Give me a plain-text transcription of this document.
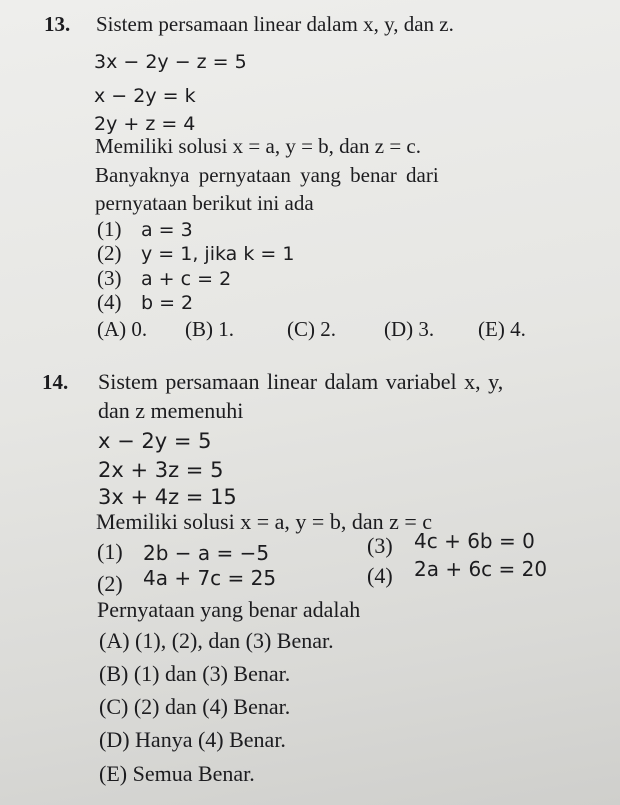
13. Sistem persamaan linear dalam x, y, dan z.
3x − 2y − z = 5
x − 2y = k
2y + z = 4
Memiliki solusi x = a, y = b, dan z = c.
Banyaknya pernyataan yang benar dari
pernyataan berikut ini ada
(1) a = 3
(2) y = 1, jika k = 1
(3) a + c = 2
(4) b = 2
(A) 0. (B) 1.	(C) 2. (D) 3. (E) 4.
14. Sistem persamaan linear dalam variabel x, y,
dan z memenuhi
x − 2y = 5
2x + 3z = 5
3x + 4z = 15
Memiliki solusi x = a, y = b, dan z = c
(1) 2b − a = −5	(3) 4c + 6b = 0
(2) 4a + 7c = 25	(4) 2a + 6c = 20
Pernyataan yang benar adalah
(A) (1), (2), dan (3) Benar.
(B) (1) dan (3) Benar.
(C) (2) dan (4) Benar.
(D) Hanya (4) Benar.
(E) Semua Benar.
